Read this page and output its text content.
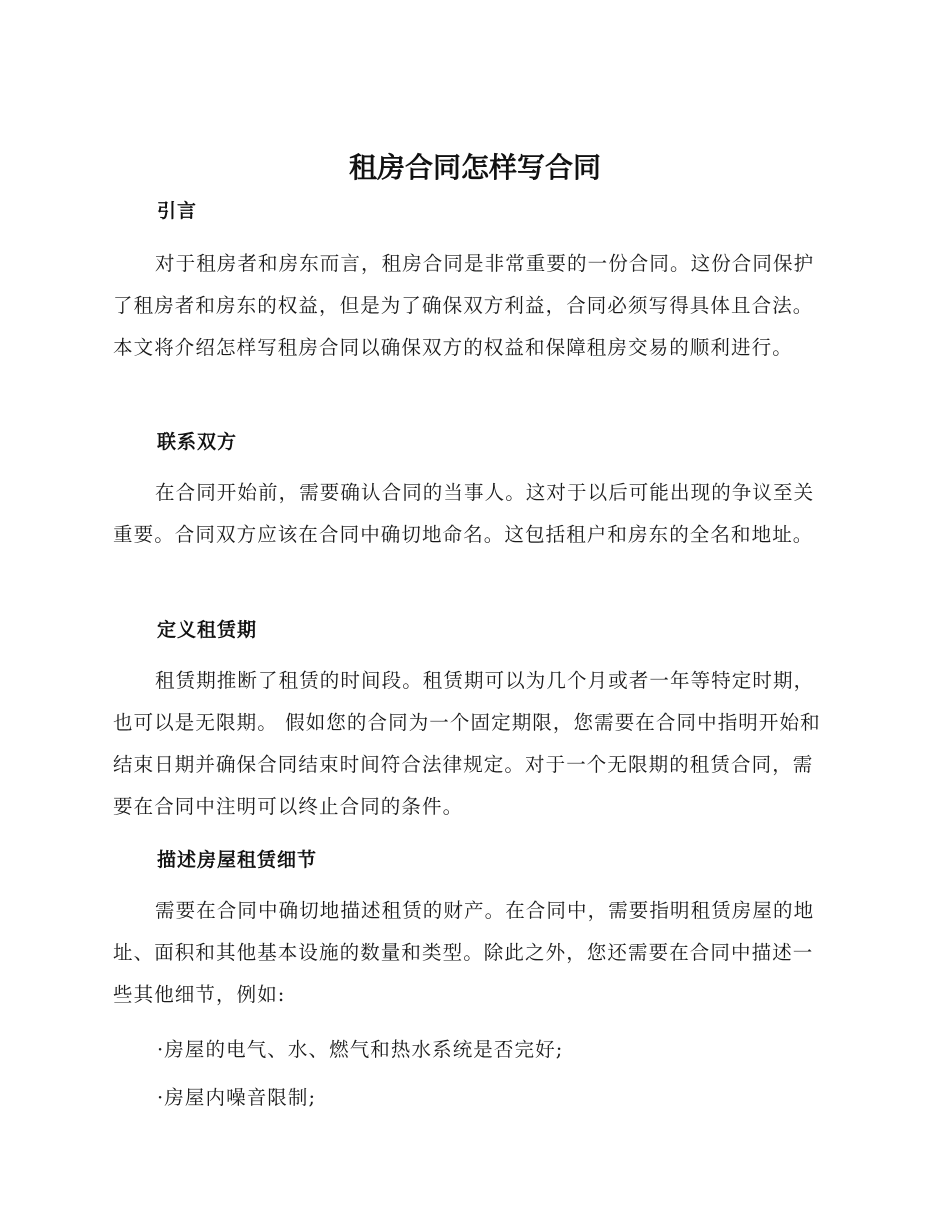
租房合同怎样写合同
引言

对于租房者和房东而言，租房合同是非常重要的一份合同。这份合同保护了租房者和房东的权益，但是为了确保双方利益，合同必须写得具体且合法。本文将介绍怎样写租房合同以确保双方的权益和保障租房交易的顺利进行。

联系双方

在合同开始前，需要确认合同的当事人。这对于以后可能出现的争议至关重要。合同双方应该在合同中确切地命名。这包括租户和房东的全名和地址。

定义租赁期

租赁期推断了租赁的时间段。租赁期可以为几个月或者一年等特定时期，也可以是无限期。 假如您的合同为一个固定期限，您需要在合同中指明开始和结束日期并确保合同结束时间符合法律规定。对于一个无限期的租赁合同，需要在合同中注明可以终止合同的条件。

描述房屋租赁细节

需要在合同中确切地描述租赁的财产。在合同中，需要指明租赁房屋的地址、面积和其他基本设施的数量和类型。除此之外，您还需要在合同中描述一些其他细节，例如:

·房屋的电气、水、燃气和热水系统是否完好;
·房屋内噪音限制;
